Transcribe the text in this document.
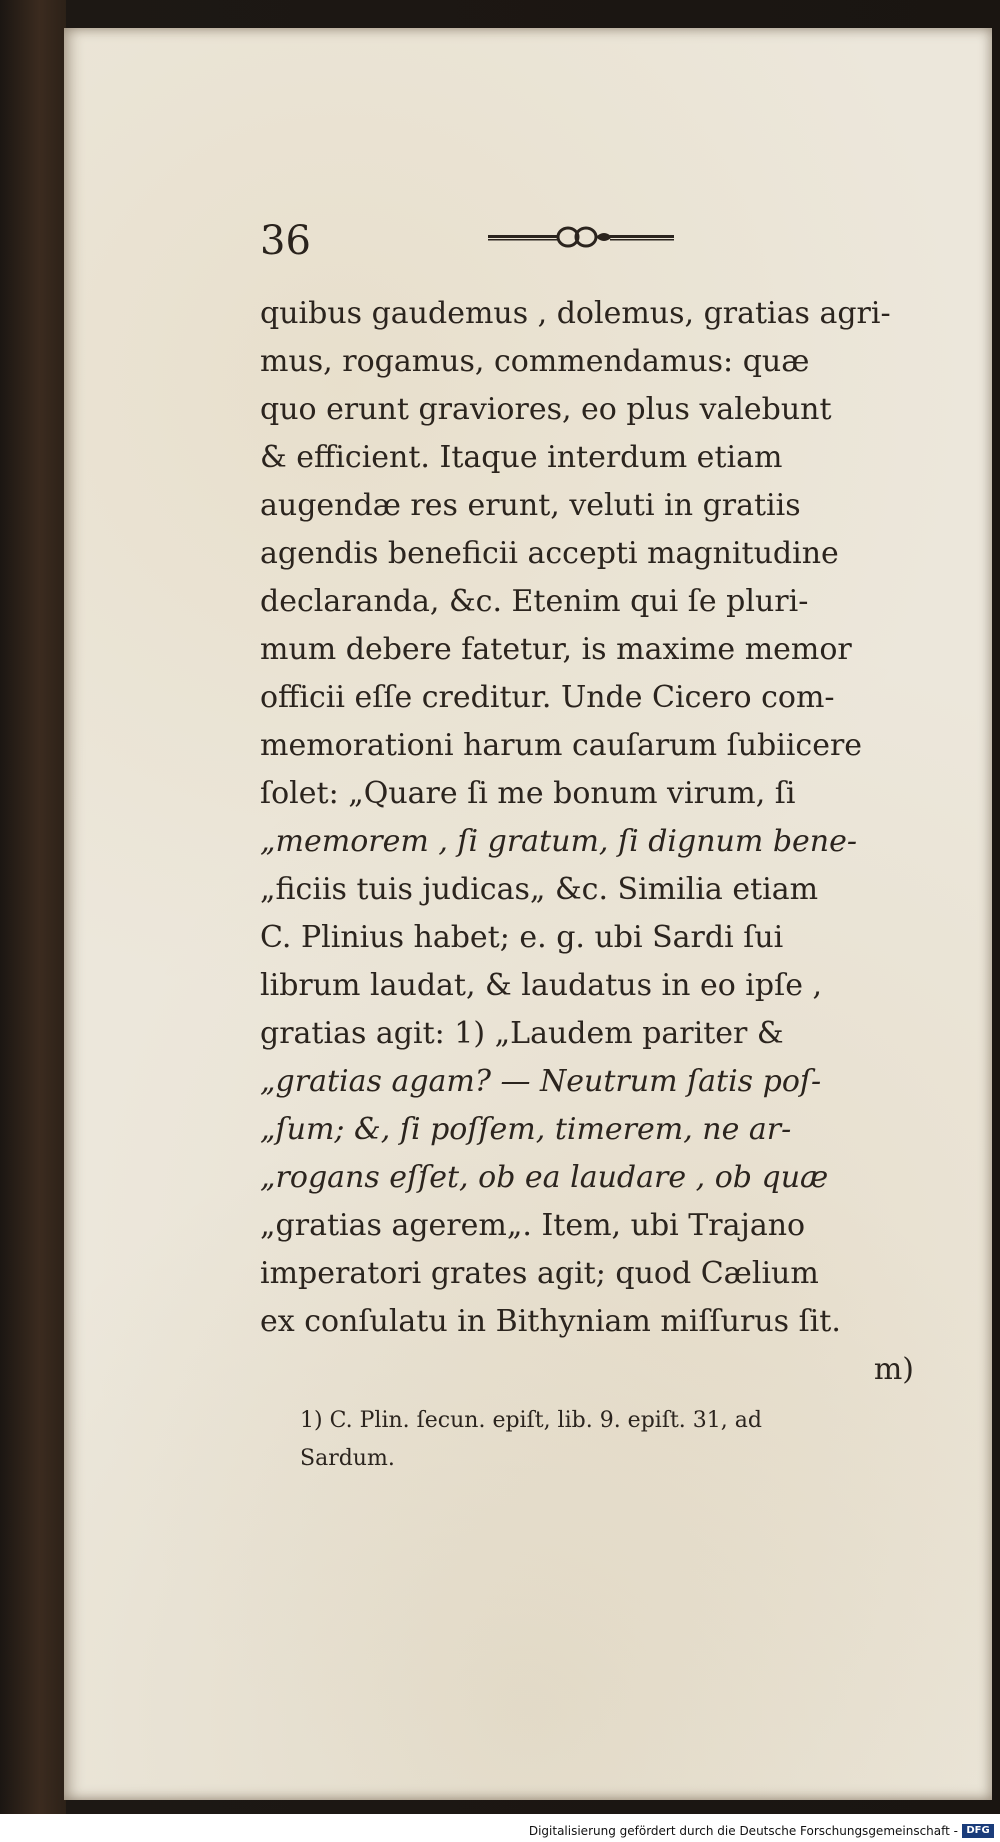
36
quibus gaudemus , dolemus, gratias agri-
mus, rogamus, commendamus: quæ
quo erunt graviores, eo plus valebunt
& efficient. Itaque interdum etiam
augendæ res erunt, veluti in gratiis
agendis beneficii accepti magnitudine
declaranda, &c. Etenim qui ſe pluri-
mum debere fatetur, is maxime memor
officii eſſe creditur. Unde Cicero com-
memorationi harum cauſarum ſubiicere
ſolet: „Quare ſi me bonum virum, ſi
„memorem , ſi gratum, ſi dignum bene-
„ficiis tuis judicas„ &c. Similia etiam
C. Plinius habet; e. g. ubi Sardi ſui
librum laudat, & laudatus in eo ipſe ,
gratias agit: 1) „Laudem pariter &
„gratias agam? — Neutrum ſatis poſ-
„ſum; &, ſi poſſem, timerem, ne ar-
„rogans eſſet, ob ea laudare , ob quæ
„gratias agerem„. Item, ubi Trajano
imperatori grates agit; quod Cælium
ex conſulatu in Bithyniam miſſurus ſit.
m)
1) C. Plin. ſecun. epiſt, lib. 9. epiſt. 31, ad
Sardum.
Digitalisierung gefördert durch die Deutsche Forschungsgemeinschaft - DFG
